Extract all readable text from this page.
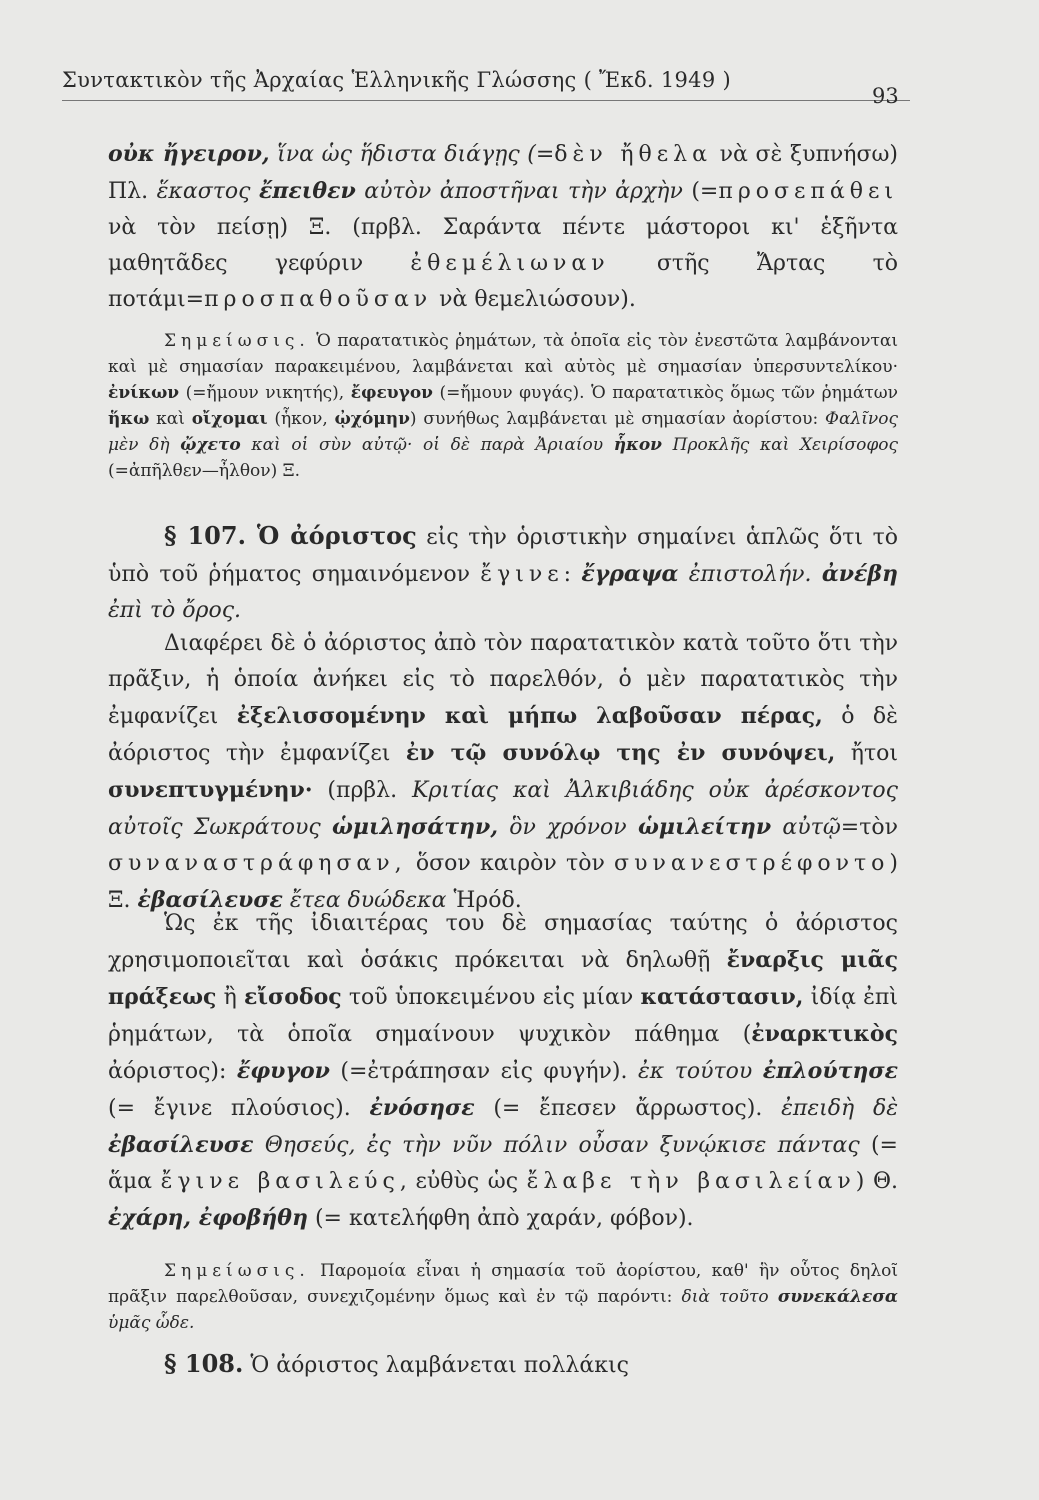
Συντακτικὸν τῆς Ἀρχαίας Ἑλληνικῆς Γλώσσης ( Ἔκδ. 1949 )
93

οὐκ ἤγειρον, ἵνα ὡς ἥδιστα διάγῃς (=δὲν ἤθελα νὰ σὲ ξυπνήσω) Πλ. ἕκαστος ἔπειθεν αὐτὸν ἀποστῆναι τὴν ἀρχὴν (=προσεπάθει νὰ τὸν πείσῃ) Ξ. (πρβλ. Σαράντα πέντε μάστοροι κι' ἑξῆντα μαθητᾶδες γεφύριν ἐθεμέλιωναν στῆς Ἄρτας τὸ ποτάμι=προσπαθοῦσαν νὰ θεμελιώσουν).

Σημείωσις. Ὁ παρατατικὸς ῥημάτων, τὰ ὁποῖα εἰς τὸν ἐνεστῶτα λαμβάνονται καὶ μὲ σημασίαν παρακειμένου, λαμβάνεται καὶ αὐτὸς μὲ σημασίαν ὑπερσυντελίκου· ἐνίκων (=ἤμουν νικητής), ἔφευγον (=ἤμουν φυγάς). Ὁ παρατατικὸς ὅμως τῶν ῥημάτων ἥκω καὶ οἴχομαι (ἧκον, ᾠχόμην) συνήθως λαμβάνεται μὲ σημασίαν ἀορίστου: Φαλῖνος μὲν δὴ ᾤχετο καὶ οἱ σὺν αὐτῷ· οἱ δὲ παρὰ Ἀριαίου ἧκον Προκλῆς καὶ Χειρίσοφος (=ἀπῆλθεν—ἦλθον) Ξ.

§ 107. Ὁ ἀόριστος εἰς τὴν ὁριστικὴν σημαίνει ἁπλῶς ὅτι τὸ ὑπὸ τοῦ ῥήματος σημαινόμενον ἔγινε: ἔγραψα ἐπιστολήν. ἀνέβη ἐπὶ τὸ ὄρος.

Διαφέρει δὲ ὁ ἀόριστος ἀπὸ τὸν παρατατικὸν κατὰ τοῦτο ὅτι τὴν πρᾶξιν, ἡ ὁποία ἀνήκει εἰς τὸ παρελθόν, ὁ μὲν παρατατικὸς τὴν ἐμφανίζει ἐξελισσομένην καὶ μήπω λαβοῦσαν πέρας, ὁ δὲ ἀόριστος τὴν ἐμφανίζει ἐν τῷ συνόλῳ της ἐν συνόψει, ἤτοι συνεπτυγμένην· (πρβλ. Κριτίας καὶ Ἀλκιβιάδης οὐκ ἀρέσκοντος αὐτοῖς Σωκράτους ὡμιλησάτην, ὃν χρόνον ὡμιλείτην αὐτῷ=τὸν συναναστράφησαν, ὅσον καιρὸν τὸν συνανεστρέφοντο) Ξ. ἐβασίλευσε ἔτεα δυώδεκα Ἡρόδ.

Ὡς ἐκ τῆς ἰδιαιτέρας του δὲ σημασίας ταύτης ὁ ἀόριστος χρησιμοποιεῖται καὶ ὁσάκις πρόκειται νὰ δηλωθῇ ἔναρξις μιᾶς πράξεως ἢ εἴσοδος τοῦ ὑποκειμένου εἰς μίαν κατάστασιν, ἰδίᾳ ἐπὶ ῥημάτων, τὰ ὁποῖα σημαίνουν ψυχικὸν πάθημα (ἐναρκτικὸς ἀόριστος): ἔφυγον (=ἐτράπησαν εἰς φυγήν). ἐκ τούτου ἐπλούτησε (= ἔγινε πλούσιος). ἐνόσησε (= ἔπεσεν ἄρρωστος). ἐπειδὴ δὲ ἐβασίλευσε Θησεύς, ἐς τὴν νῦν πόλιν οὖσαν ξυνῴκισε πάντας (= ἅμα ἔγινε βασιλεύς, εὐθὺς ὡς ἔλαβε τὴν βασιλείαν) Θ. ἐχάρη, ἐφοβήθη (= κατελήφθη ἀπὸ χαράν, φόβον).

Σημείωσις. Παρομοία εἶναι ἡ σημασία τοῦ ἀορίστου, καθ' ἣν οὗτος δηλοῖ πρᾶξιν παρελθοῦσαν, συνεχιζομένην ὅμως καὶ ἐν τῷ παρόντι: διὰ τοῦτο συνεκάλεσα ὑμᾶς ὧδε.

§ 108. Ὁ ἀόριστος λαμβάνεται πολλάκις
